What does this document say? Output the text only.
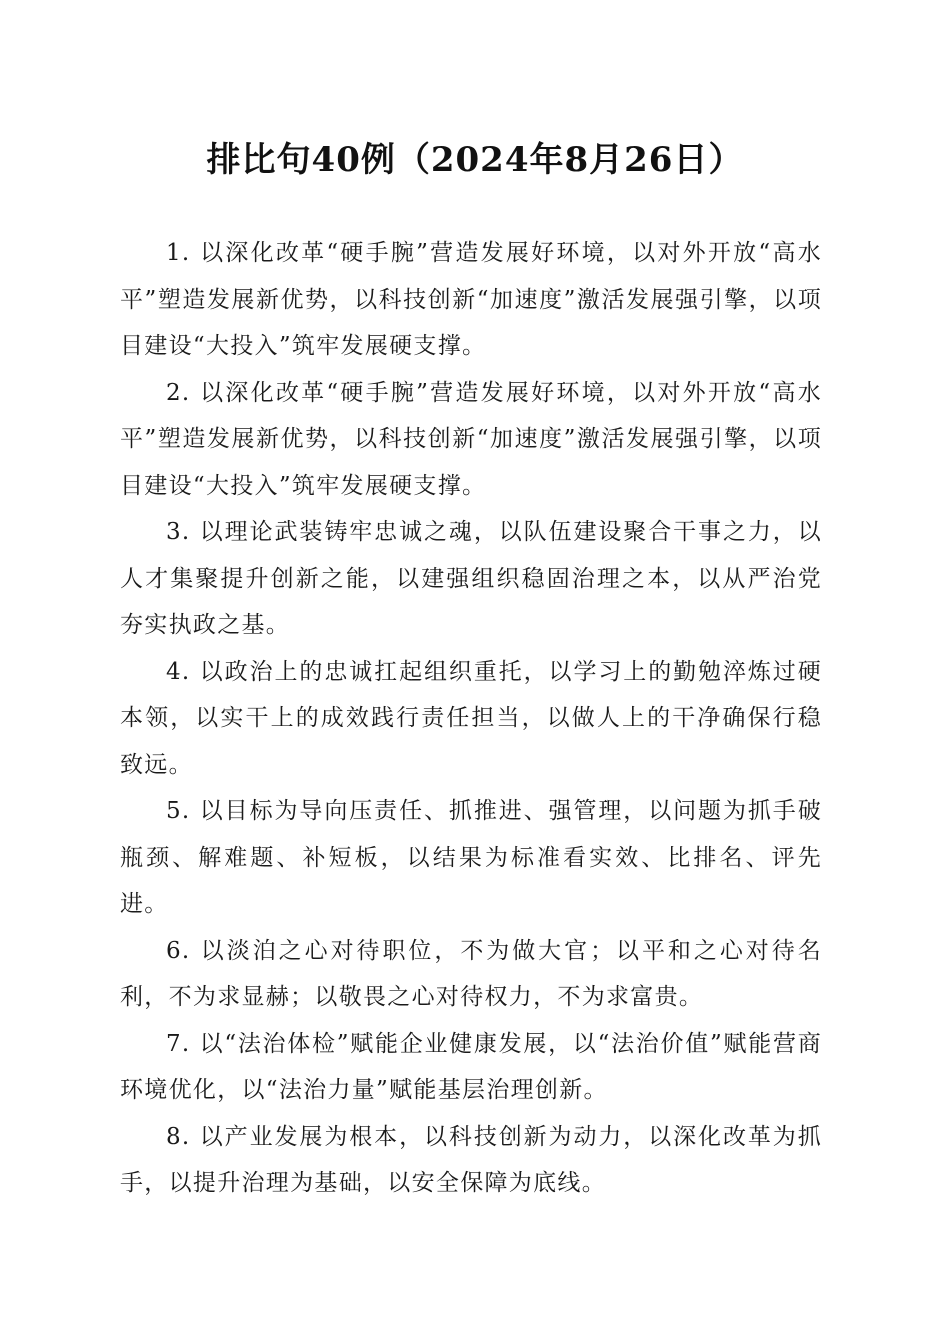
排比句40例（2024年8月26日）

1. 以深化改革“硬手腕”营造发展好环境，以对外开放“高水平”塑造发展新优势，以科技创新“加速度”激活发展强引擎，以项目建设“大投入”筑牢发展硬支撑。

2. 以深化改革“硬手腕”营造发展好环境，以对外开放“高水平”塑造发展新优势，以科技创新“加速度”激活发展强引擎，以项目建设“大投入”筑牢发展硬支撑。

3. 以理论武装铸牢忠诚之魂，以队伍建设聚合干事之力，以人才集聚提升创新之能，以建强组织稳固治理之本，以从严治党夯实执政之基。

4. 以政治上的忠诚扛起组织重托，以学习上的勤勉淬炼过硬本领，以实干上的成效践行责任担当，以做人上的干净确保行稳致远。

5. 以目标为导向压责任、抓推进、强管理，以问题为抓手破瓶颈、解难题、补短板，以结果为标准看实效、比排名、评先进。

6. 以淡泊之心对待职位，不为做大官；以平和之心对待名利，不为求显赫；以敬畏之心对待权力，不为求富贵。

7. 以“法治体检”赋能企业健康发展，以“法治价值”赋能营商环境优化，以“法治力量”赋能基层治理创新。

8. 以产业发展为根本，以科技创新为动力，以深化改革为抓手，以提升治理为基础，以安全保障为底线。
